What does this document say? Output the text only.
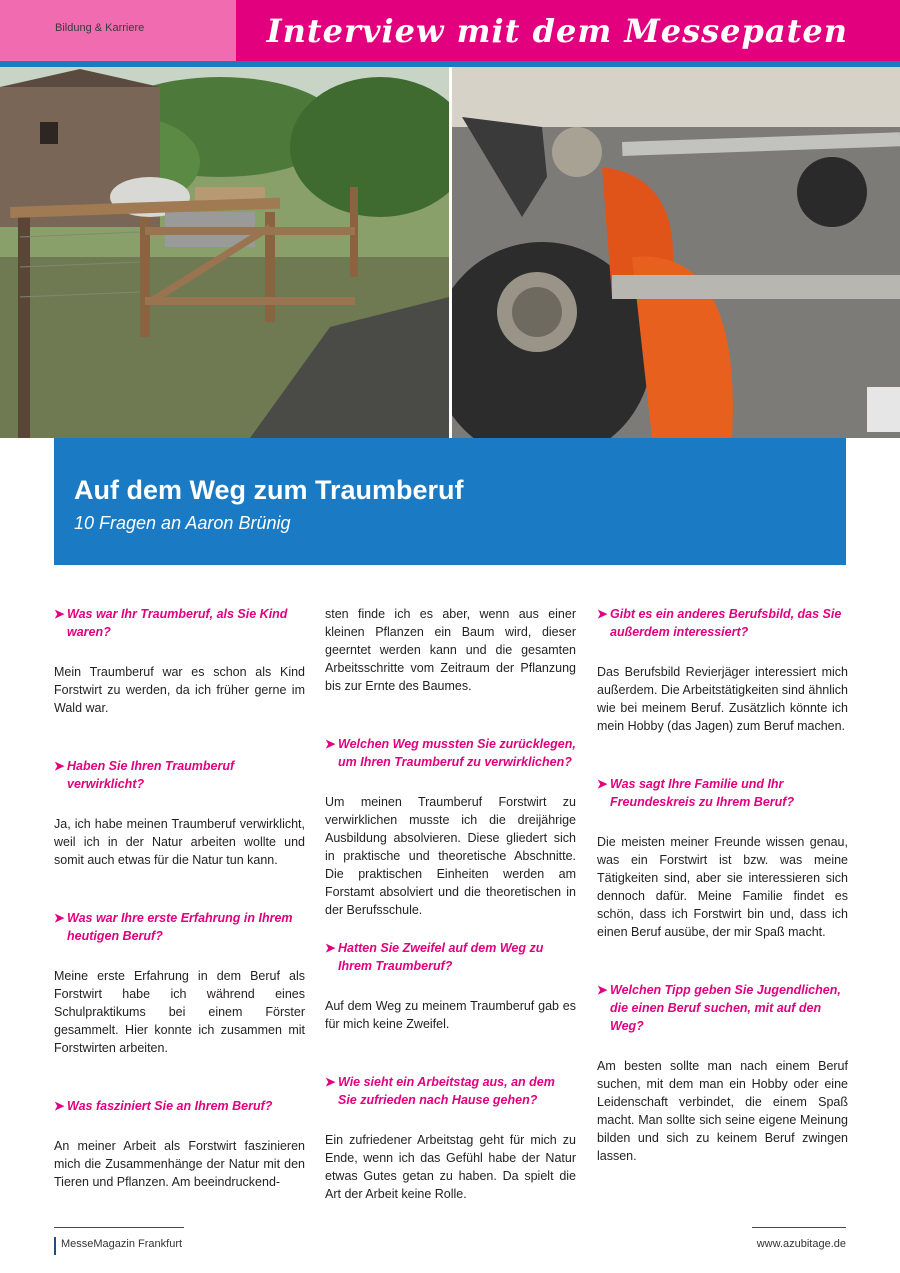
Bildung & Karriere	Interview mit dem Messepaten
Auf dem Weg zum Traumberuf
10 Fragen an Aaron Brünig

➤ Was war Ihr Traumberuf, als Sie Kind waren?

Mein Traumberuf war es schon als Kind Forstwirt zu werden, da ich früher gerne im Wald war.

➤ Haben Sie Ihren Traumberuf verwirklicht?

Ja, ich habe meinen Traumberuf verwirklicht, weil ich in der Natur arbeiten wollte und somit auch etwas für die Natur tun kann.

➤ Was war Ihre erste Erfahrung in Ihrem heutigen Beruf?

Meine erste Erfahrung in dem Beruf als Forstwirt habe ich während eines Schulpraktikums bei einem Förster gesammelt. Hier konnte ich zusammen mit Forstwirten arbeiten.

➤ Was fasziniert Sie an Ihrem Beruf?

An meiner Arbeit als Forstwirt faszinieren mich die Zusammenhänge der Natur mit den Tieren und Pflanzen. Am beeindruckend-

sten finde ich es aber, wenn aus einer kleinen Pflanzen ein Baum wird, dieser geerntet werden kann und die gesamten Arbeitsschritte vom Zeitraum der Pflanzung bis zur Ernte des Baumes.

➤ Welchen Weg mussten Sie zurücklegen, um Ihren Traumberuf zu verwirklichen?

Um meinen Traumberuf Forstwirt zu verwirklichen musste ich die dreijährige Ausbildung absolvieren. Diese gliedert sich in praktische und theoretische Abschnitte. Die praktischen Einheiten werden am Forstamt absolviert und die theoretischen in der Berufsschule.

➤ Hatten Sie Zweifel auf dem Weg zu Ihrem Traumberuf?

Auf dem Weg zu meinem Traumberuf gab es für mich keine Zweifel.

➤ Wie sieht ein Arbeitstag aus, an dem Sie zufrieden nach Hause gehen?

Ein zufriedener Arbeitstag geht für mich zu Ende, wenn ich das Gefühl habe der Natur etwas Gutes getan zu haben. Da spielt die Art der Arbeit keine Rolle.

➤ Gibt es ein anderes Berufsbild, das Sie außerdem interessiert?

Das Berufsbild Revierjäger interessiert mich außerdem. Die Arbeitstätigkeiten sind ähnlich wie bei meinem Beruf. Zusätzlich könnte ich mein Hobby (das Jagen) zum Beruf machen.

➤ Was sagt Ihre Familie und Ihr Freundeskreis zu Ihrem Beruf?

Die meisten meiner Freunde wissen genau, was ein Forstwirt ist bzw. was meine Tätigkeiten sind, aber sie interessieren sich dennoch dafür. Meine Familie findet es schön, dass ich Forstwirt bin und, dass ich einen Beruf ausübe, der mir Spaß macht.

➤ Welchen Tipp geben Sie Jugendlichen, die einen Beruf suchen, mit auf den Weg?

Am besten sollte man nach einem Beruf suchen, mit dem man ein Hobby oder eine Leidenschaft verbindet, die einem Spaß macht. Man sollte sich seine eigene Meinung bilden und sich zu keinem Beruf zwingen lassen.

MesseMagazin Frankfurt	www.azubitage.de
